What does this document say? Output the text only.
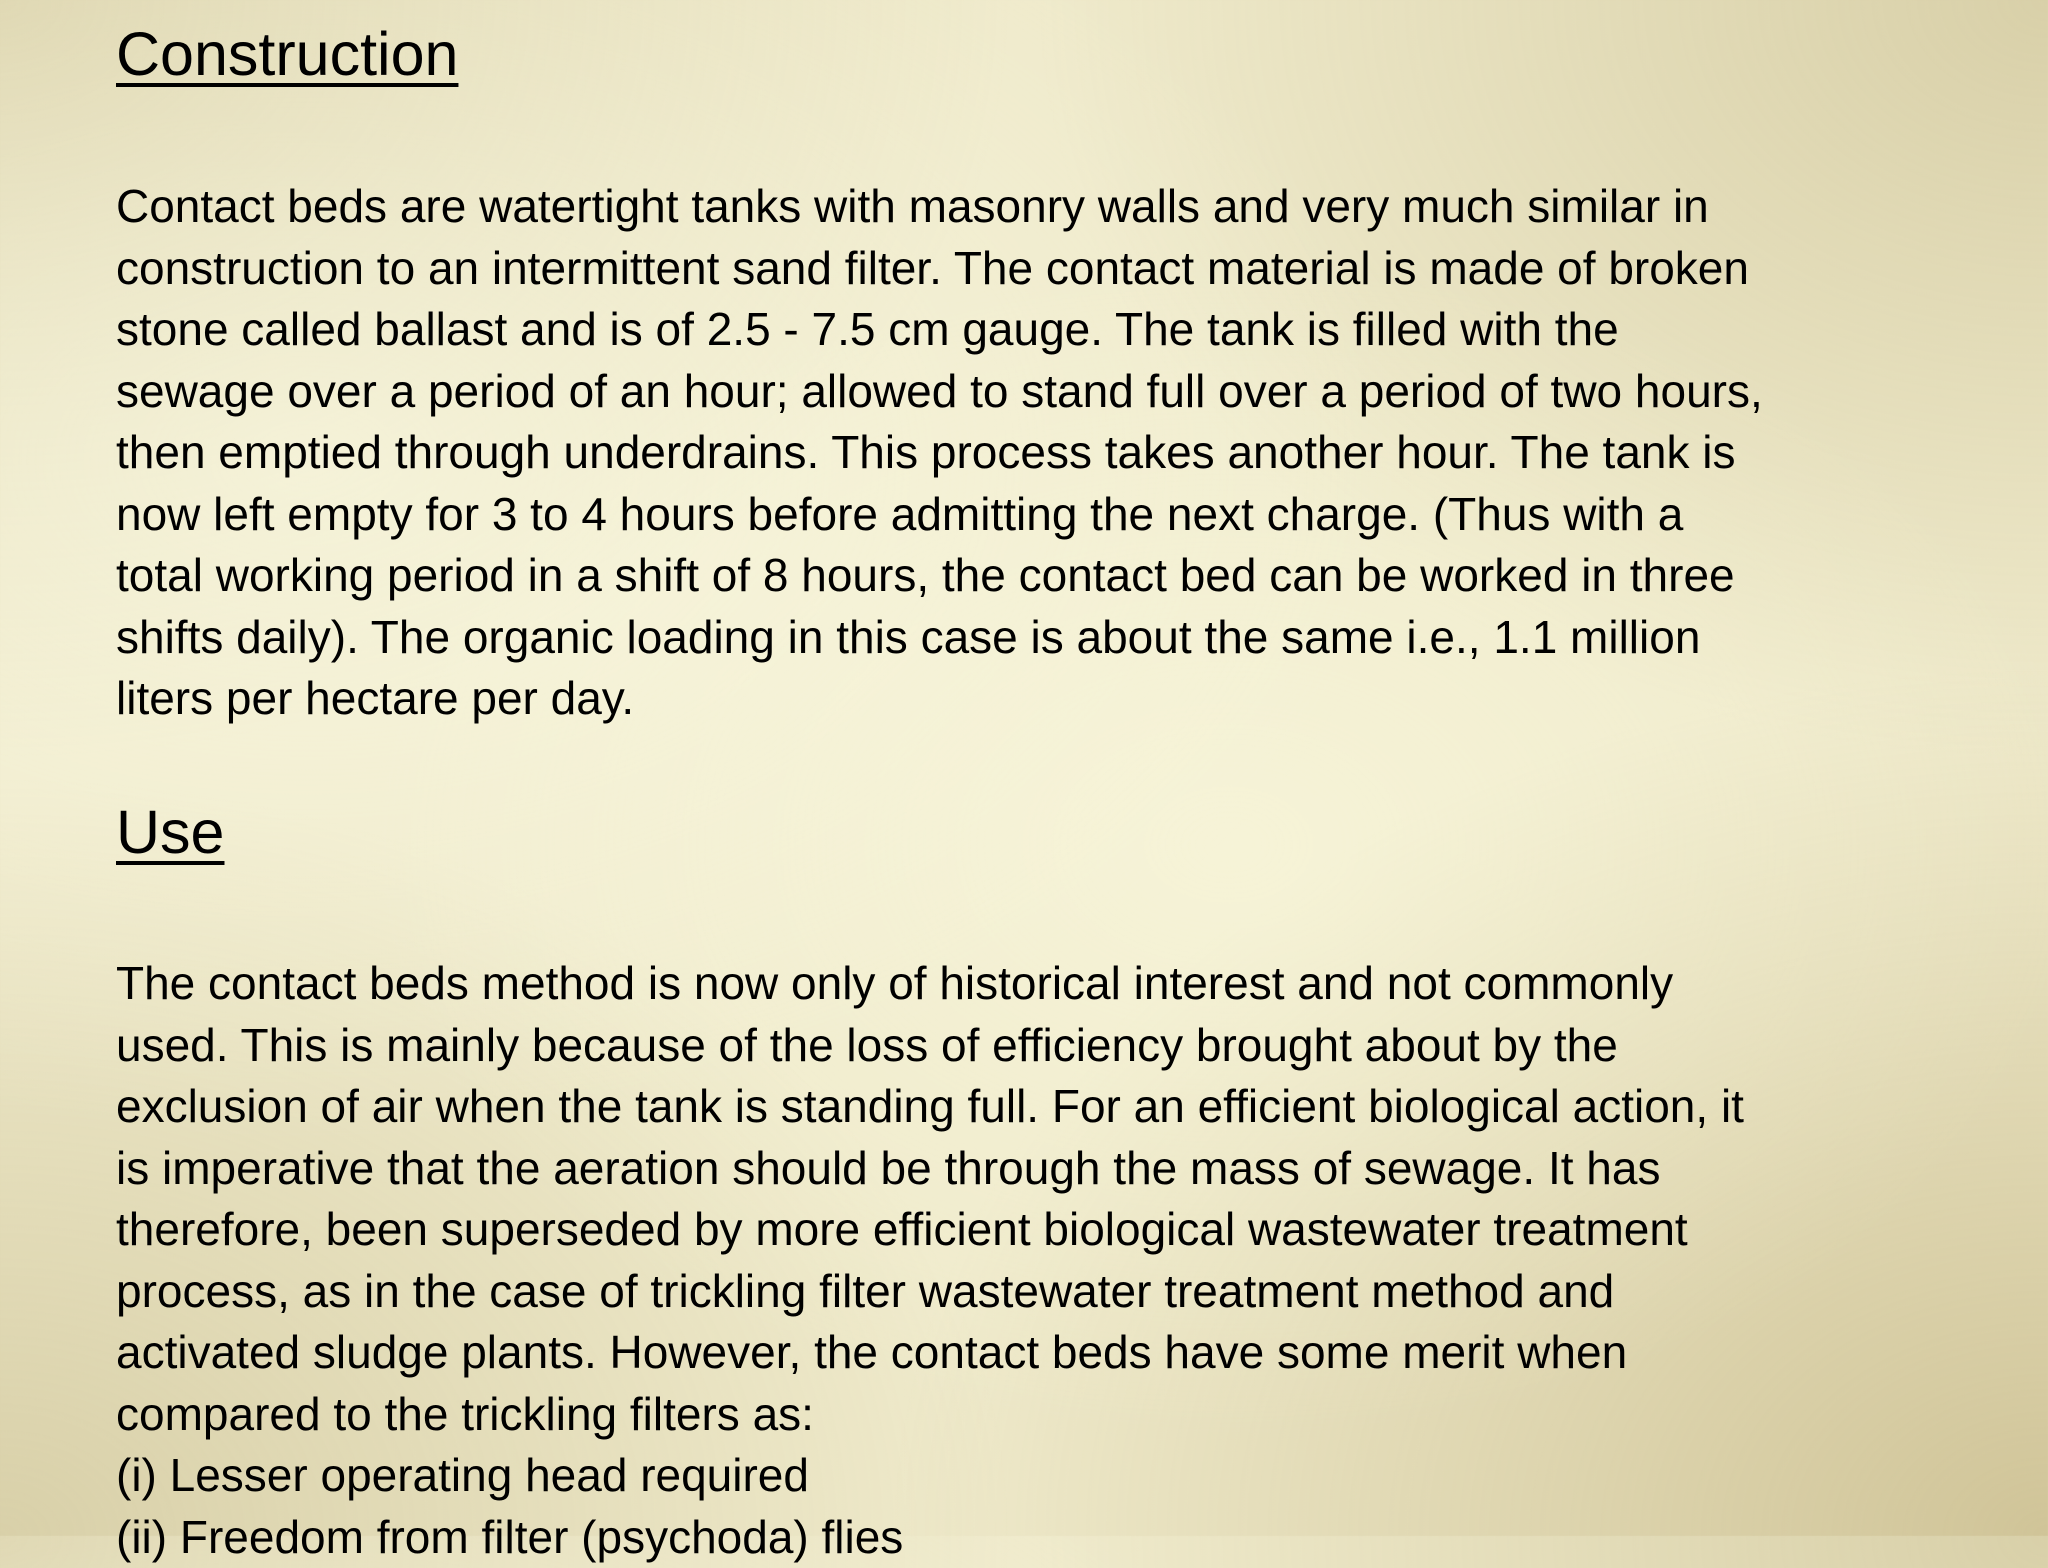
Construction
Contact beds are watertight tanks with masonry walls and very much similar in
construction to an intermittent sand filter. The contact material is made of broken
stone called ballast and is of 2.5 - 7.5 cm gauge. The tank is filled with the
sewage over a period of an hour; allowed to stand full over a period of two hours,
then emptied through underdrains. This process takes another hour. The tank is
now left empty for 3 to 4 hours before admitting the next charge. (Thus with a
total working period in a shift of 8 hours, the contact bed can be worked in three
shifts daily). The organic loading in this case is about the same i.e., 1.1 million
liters per hectare per day.
Use
The contact beds method is now only of historical interest and not commonly
used. This is mainly because of the loss of efficiency brought about by the
exclusion of air when the tank is standing full. For an efficient biological action, it
is imperative that the aeration should be through the mass of sewage. It has
therefore, been superseded by more efficient biological wastewater treatment
process, as in the case of trickling filter wastewater treatment method and
activated sludge plants. However, the contact beds have some merit when
compared to the trickling filters as:
(i) Lesser operating head required
(ii) Freedom from filter (psychoda) flies
